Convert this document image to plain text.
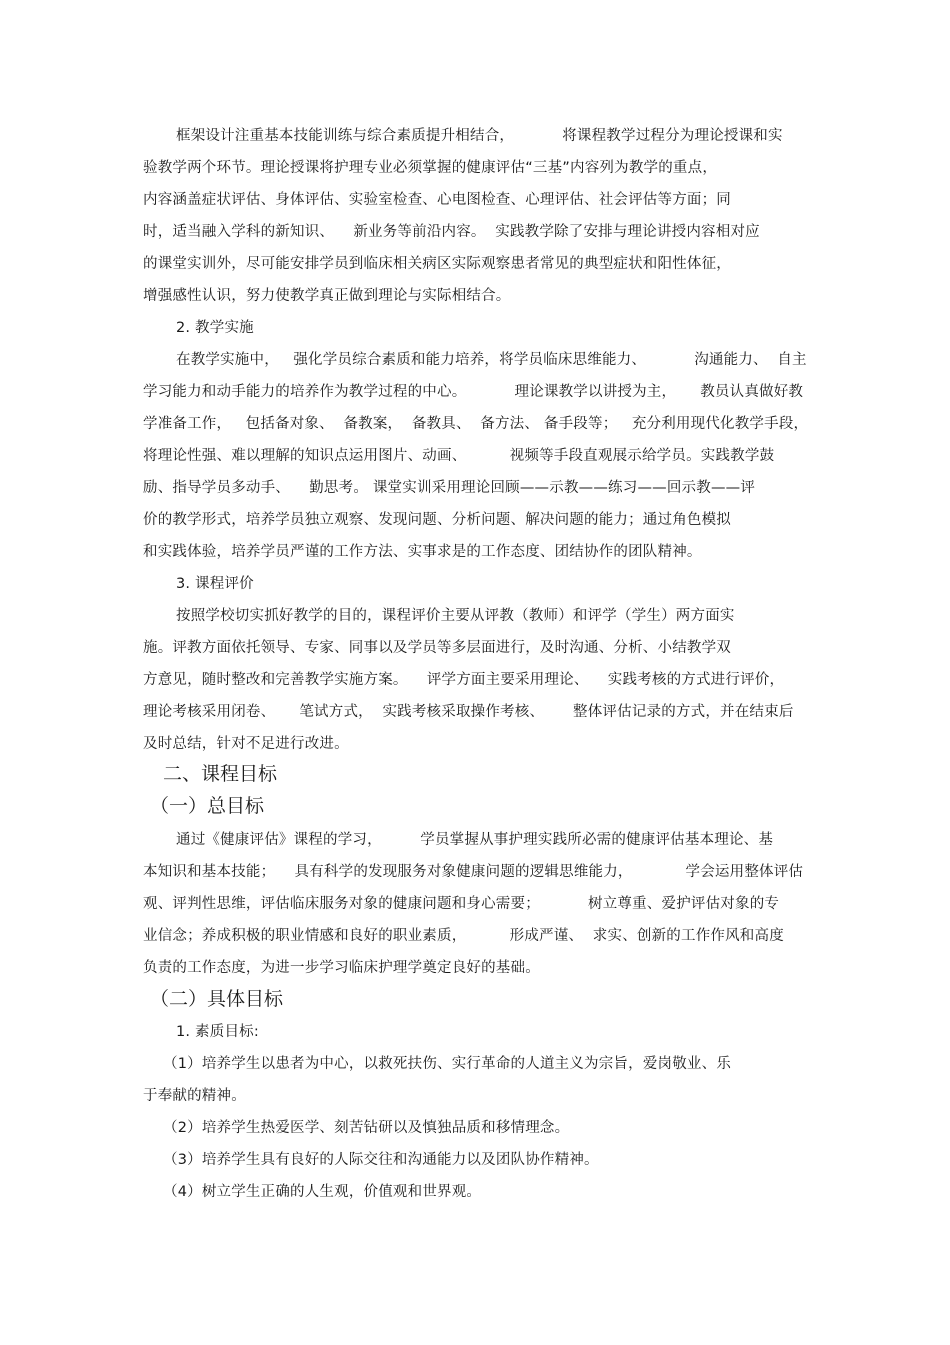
框架设计注重基本技能训练与综合素质提升相结合，          将课程教学过程分为理论授课和实
验教学两个环节。理论授课将护理专业必须掌握的健康评估“三基”内容列为教学的重点，
内容涵盖症状评估、身体评估、实验室检查、心电图检查、心理评估、社会评估等方面；同
时，适当融入学科的新知识、    新业务等前沿内容。  实践教学除了安排与理论讲授内容相对应
的课堂实训外，尽可能安排学员到临床相关病区实际观察患者常见的典型症状和阳性体征，
增强感性认识，努力使教学真正做到理论与实际相结合。
2. 教学实施
在教学实施中，   强化学员综合素质和能力培养，将学员临床思维能力、          沟通能力、  自主
学习能力和动手能力的培养作为教学过程的中心。          理论课教学以讲授为主，     教员认真做好教
学准备工作，   包括备对象、  备教案，  备教具、  备方法、 备手段等；   充分利用现代化教学手段，
将理论性强、难以理解的知识点运用图片、动画、         视频等手段直观展示给学员。实践教学鼓
励、指导学员多动手、    勤思考。 课堂实训采用理论回顾——示教——练习——回示教——评
价的教学形式，培养学员独立观察、发现问题、分析问题、解决问题的能力；通过角色模拟
和实践体验，培养学员严谨的工作方法、实事求是的工作态度、团结协作的团队精神。
3. 课程评价
按照学校切实抓好教学的目的，课程评价主要从评教（教师）和评学（学生）两方面实
施。评教方面依托领导、专家、同事以及学员等多层面进行，及时沟通、分析、小结教学双
方意见，随时整改和完善教学实施方案。    评学方面主要采用理论、    实践考核的方式进行评价，
理论考核采用闭卷、     笔试方式，  实践考核采取操作考核、      整体评估记录的方式，并在结束后
及时总结，针对不足进行改进。
二、课程目标
（一）总目标
通过《健康评估》课程的学习，        学员掌握从事护理实践所必需的健康评估基本理论、基
本知识和基本技能；    具有科学的发现服务对象健康问题的逻辑思维能力，           学会运用整体评估
观、评判性思维，评估临床服务对象的健康问题和身心需要；          树立尊重、爱护评估对象的专
业信念；养成积极的职业情感和良好的职业素质，         形成严谨、  求实、创新的工作作风和高度
负责的工作态度，为进一步学习临床护理学奠定良好的基础。
（二）具体目标
1. 素质目标:
（1）培养学生以患者为中心，以救死扶伤、实行革命的人道主义为宗旨，爱岗敬业、乐
于奉献的精神。
（2）培养学生热爱医学、刻苦钻研以及慎独品质和移情理念。
（3）培养学生具有良好的人际交往和沟通能力以及团队协作精神。
（4）树立学生正确的人生观，价值观和世界观。
